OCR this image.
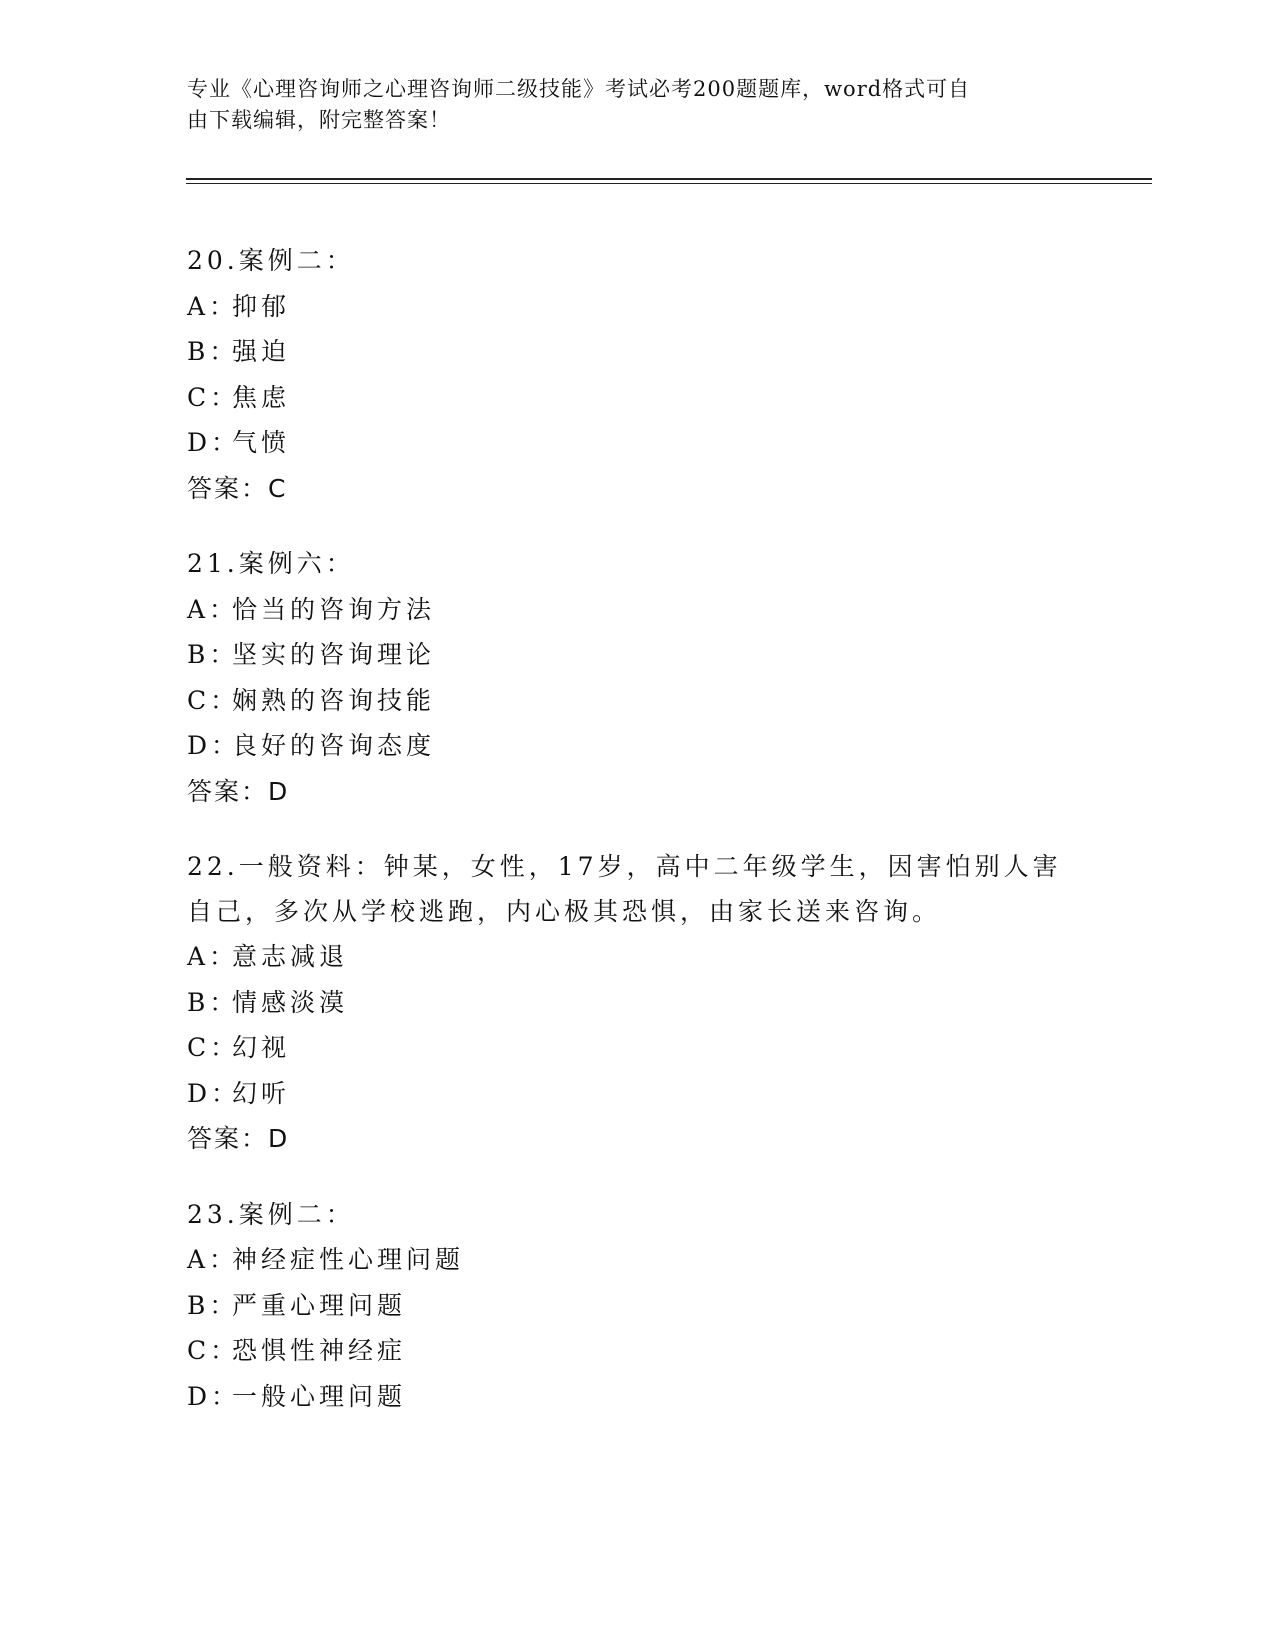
专业《心理咨询师之心理咨询师二级技能》考试必考200题题库，word格式可自
由下载编辑，附完整答案！
20.案例二：
A：
抑郁
B：
强迫
C：
焦虑
D：
气愤
答案：C
21.案例六：
A：
恰当的咨询方法
B：
坚实的咨询理论
C：
娴熟的咨询技能
D：
良好的咨询态度
答案：D
22.一般资料：钟某，女性，17岁，高中二年级学生，因害怕别人害自己，多次从学校逃跑，内心极其恐惧，由家长送来咨询。
A：
意志减退
B：
情感淡漠
C：
幻视
D：
幻听
答案：D
23.案例二：
A：
神经症性心理问题
B：
严重心理问题
C：
恐惧性神经症
D：
一般心理问题
